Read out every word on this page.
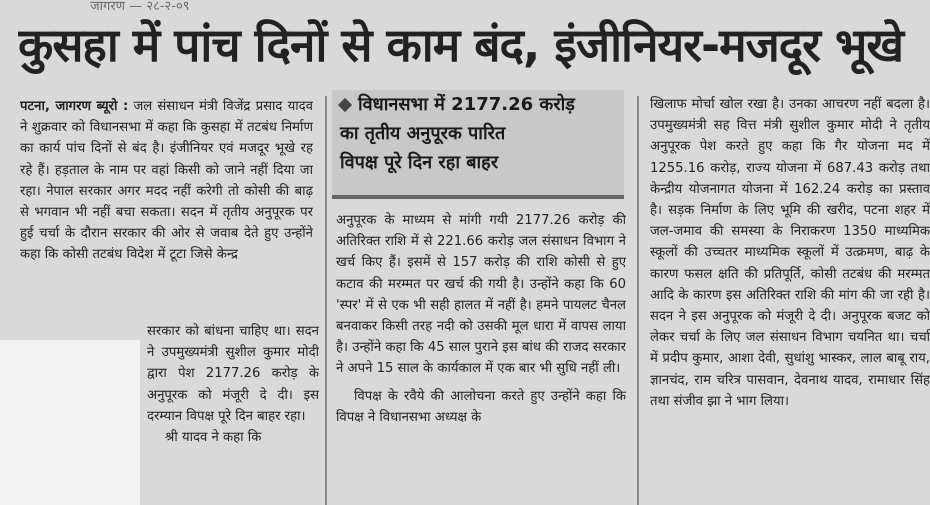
जागरण — २८-२-०९
कुसहा में पांच दिनों से काम बंद, इंजीनियर-मजदूर भूखे

पटना, जागरण ब्यूरो : जल संसाधन मंत्री विजेंद्र प्रसाद यादव ने शुक्रवार को विधानसभा में कहा कि कुसहा में तटबंध निर्माण का कार्य पांच दिनों से बंद है। इंजीनियर एवं मजदूर भूखे रह रहे हैं। हड़ताल के नाम पर वहां किसी को जाने नहीं दिया जा रहा। नेपाल सरकार अगर मदद नहीं करेगी तो कोसी की बाढ़ से भगवान भी नहीं बचा सकता। सदन में तृतीय अनुपूरक पर हुई चर्चा के दौरान सरकार की ओर से जवाब देते हुए उन्होंने कहा कि कोसी तटबंध विदेश में टूटा जिसे केन्द्र

सरकार को बांधना चाहिए था। सदन ने उपमुख्यमंत्री सुशील कुमार मोदी द्वारा पेश 2177.26 करोड़ के अनुपूरक को मंजूरी दे दी। इस दरम्यान विपक्ष पूरे दिन बाहर रहा।

श्री यादव ने कहा कि

विधानसभा में 2177.26 करोड़
का तृतीय अनुपूरक पारित
विपक्ष पूरे दिन रहा बाहर

अनुपूरक के माध्यम से मांगी गयी 2177.26 करोड़ की अतिरिक्त राशि में से 221.66 करोड़ जल संसाधन विभाग ने खर्च किए हैं। इसमें से 157 करोड़ की राशि कोसी से हुए कटाव की मरम्मत पर खर्च की गयी है। उन्होंने कहा कि 60 'स्पर' में से एक भी सही हालत में नहीं है। हमने पायलट चैनल बनवाकर किसी तरह नदी को उसकी मूल धारा में वापस लाया है। उन्होंने कहा कि 45 साल पुराने इस बांध की राजद सरकार ने अपने 15 साल के कार्यकाल में एक बार भी सुधि नहीं ली।

विपक्ष के रवैये की आलोचना करते हुए उन्होंने कहा कि विपक्ष ने विधानसभा अध्यक्ष के

खिलाफ मोर्चा खोल रखा है। उनका आचरण नहीं बदला है। उपमुख्यमंत्री सह वित्त मंत्री सुशील कुमार मोदी ने तृतीय अनुपूरक पेश करते हुए कहा कि गैर योजना मद में 1255.16 करोड़, राज्य योजना में 687.43 करोड़ तथा केन्द्रीय योजनागत योजना में 162.24 करोड़ का प्रस्ताव है। सड़क निर्माण के लिए भूमि की खरीद, पटना शहर में जल-जमाव की समस्या के निराकरण 1350 माध्यमिक स्कूलों की उच्चतर माध्यमिक स्कूलों में उत्क्रमण, बाढ़ के कारण फसल क्षति की प्रतिपूर्ति, कोसी तटबंध की मरम्मत आदि के कारण इस अतिरिक्त राशि की मांग की जा रही है। सदन ने इस अनुपूरक को मंजूरी दे दी। अनुपूरक बजट को लेकर चर्चा के लिए जल संसाधन विभाग चयनित था। चर्चा में प्रदीप कुमार, आशा देवी, सुधांशु भास्कर, लाल बाबू राय, ज्ञानचंद, राम चरित्र पासवान, देवनाथ यादव, रामाधार सिंह तथा संजीव झा ने भाग लिया।
